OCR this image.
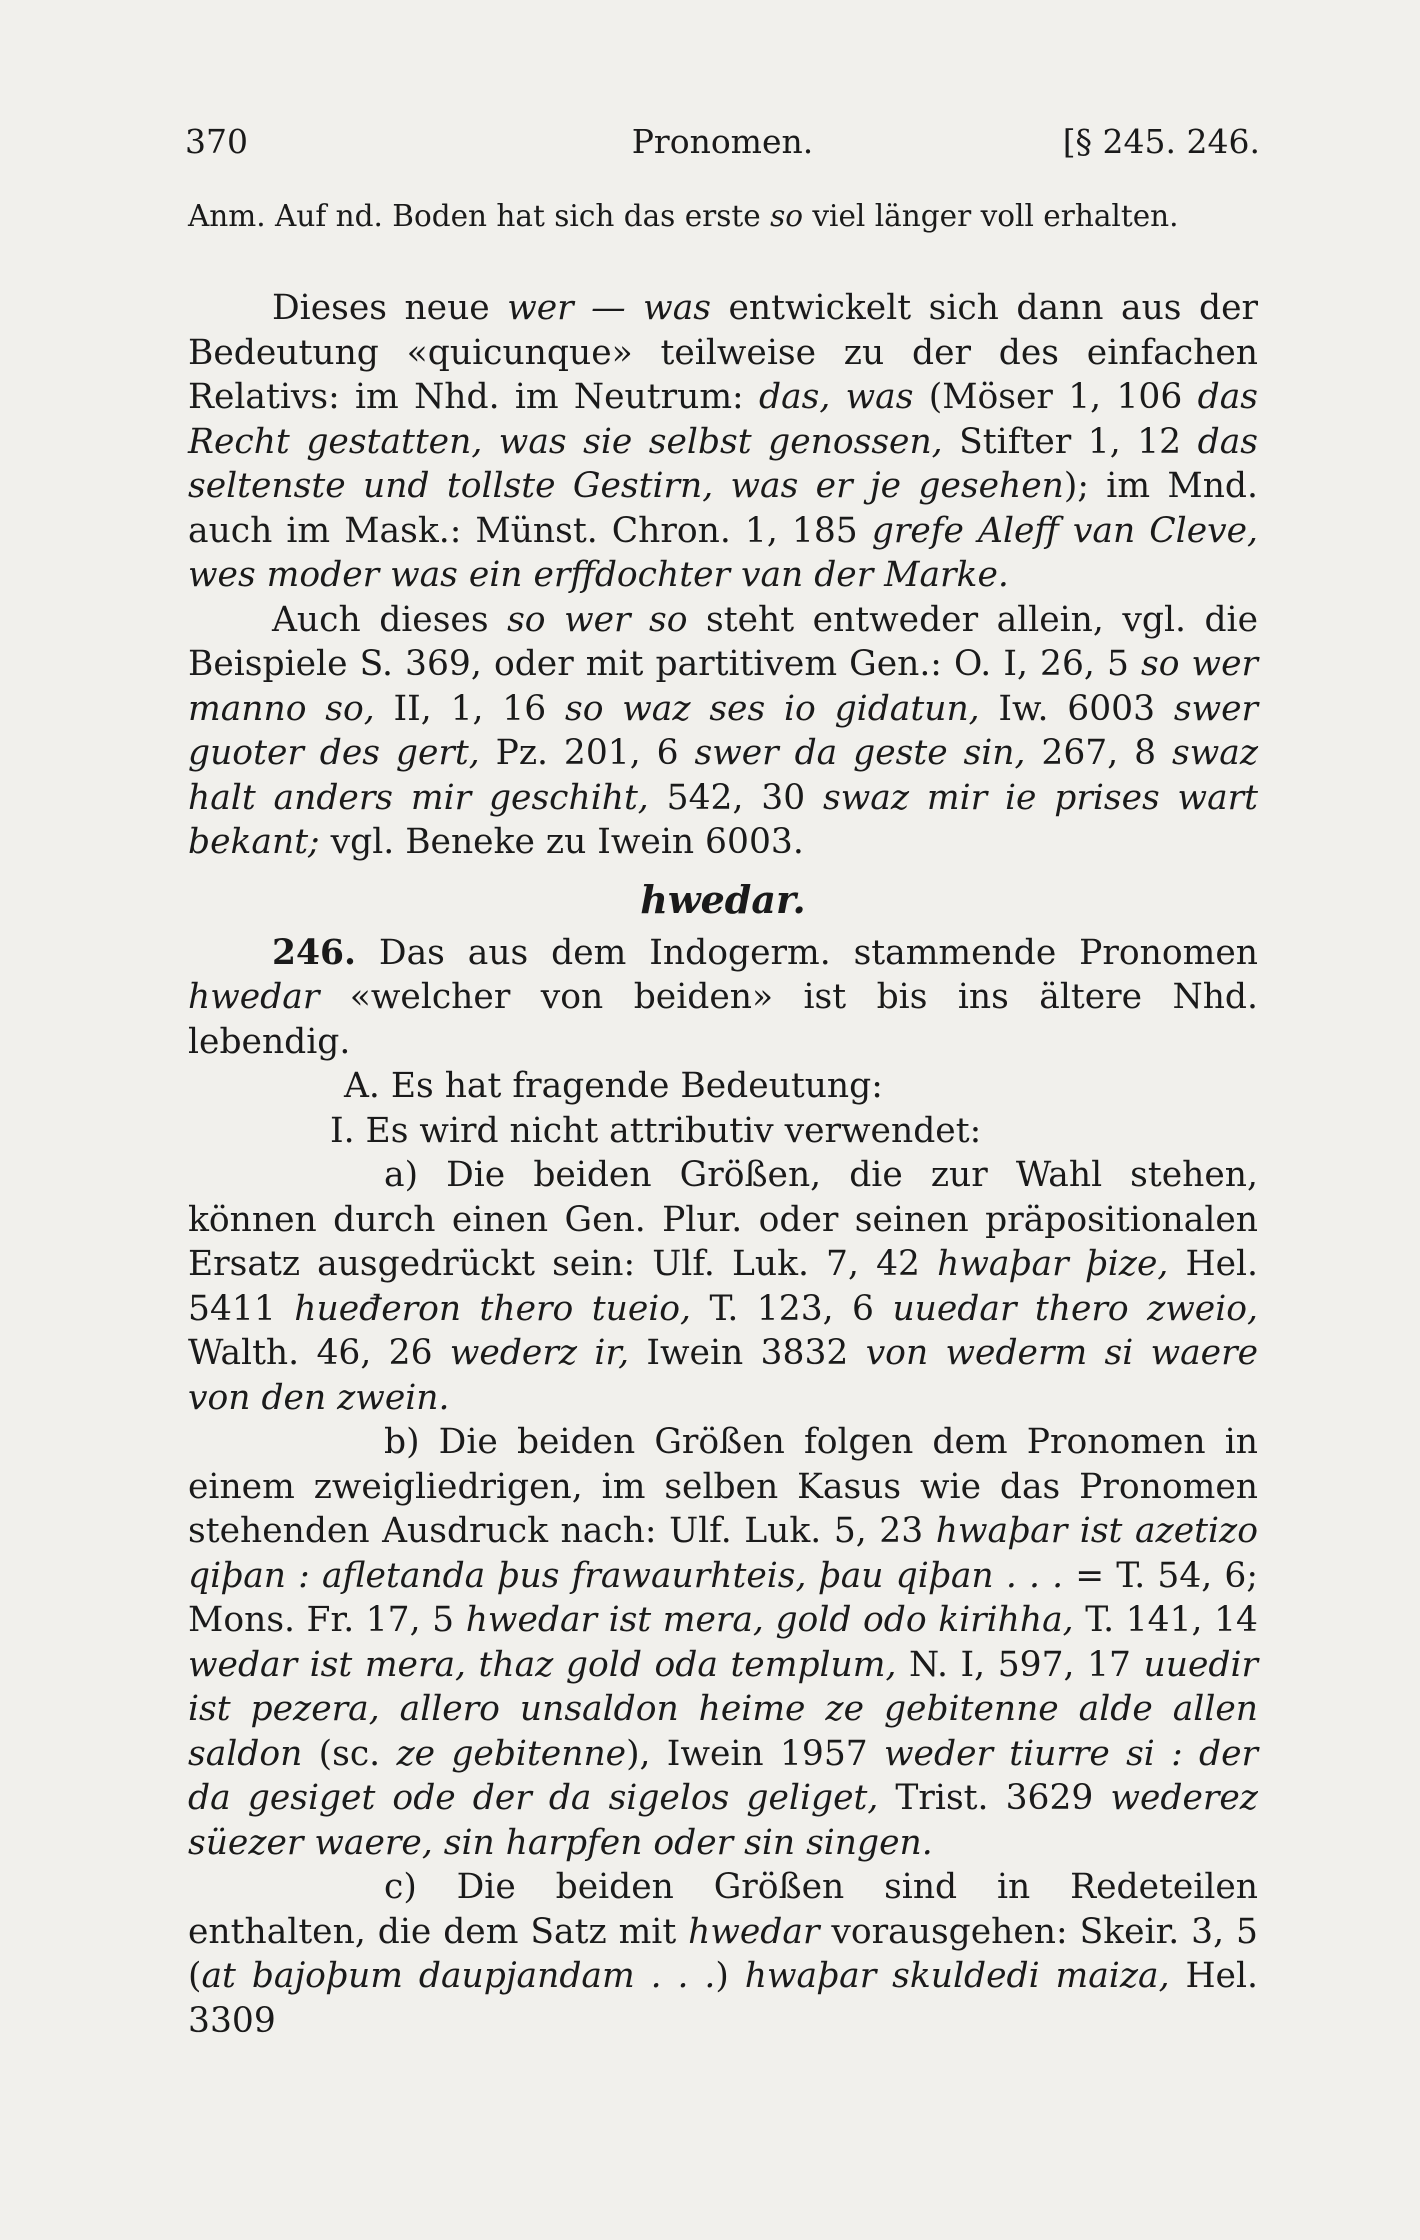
370	Pronomen.	[§ 245. 246.
Anm. Auf nd. Boden hat sich das erste so viel länger voll erhalten.

Dieses neue wer — was entwickelt sich dann aus der Bedeutung «quicunque» teilweise zu der des einfachen Relativs: im Nhd. im Neutrum: das, was (Möser 1, 106 das Recht gestatten, was sie selbst genossen, Stifter 1, 12 das seltenste und tollste Gestirn, was er je gesehen); im Mnd. auch im Mask.: Münst. Chron. 1, 185 grefe Aleff van Cleve, wes moder was ein erffdochter van der Marke.

Auch dieses so wer so steht entweder allein, vgl. die Beispiele S. 369, oder mit partitivem Gen.: O. I, 26, 5 so wer manno so, II, 1, 16 so waz ses io gidatun, Iw. 6003 swer guoter des gert, Pz. 201, 6 swer da geste sin, 267, 8 swaz halt anders mir geschiht, 542, 30 swaz mir ie prises wart bekant; vgl. Beneke zu Iwein 6003.

hwedar.

246. Das aus dem Indogerm. stammende Pronomen hwedar «welcher von beiden» ist bis ins ältere Nhd. lebendig.

A. Es hat fragende Bedeutung:

I. Es wird nicht attributiv verwendet:

a) Die beiden Größen, die zur Wahl stehen, können durch einen Gen. Plur. oder seinen präpositionalen Ersatz ausgedrückt sein: Ulf. Luk. 7, 42 hwaþar þize, Hel. 5411 hueđeron thero tueio, T. 123, 6 uuedar thero zweio, Walth. 46, 26 wederz ir, Iwein 3832 von wederm si waere von den zwein.

b) Die beiden Größen folgen dem Pronomen in einem zweigliedrigen, im selben Kasus wie das Pronomen stehenden Ausdruck nach: Ulf. Luk. 5, 23 hwaþar ist azetizo qiþan : afletanda þus frawaurhteis, þau qiþan . . . = T. 54, 6; Mons. Fr. 17, 5 hwedar ist mera, gold odo kirihha, T. 141, 14 wedar ist mera, thaz gold oda templum, N. I, 597, 17 uuedir ist pezera, allero unsaldon heime ze gebitenne alde allen saldon (sc. ze gebitenne), Iwein 1957 weder tiurre si : der da gesiget ode der da sigelos geliget, Trist. 3629 wederez süezer waere, sin harpfen oder sin singen.

c) Die beiden Größen sind in Redeteilen enthalten, die dem Satz mit hwedar vorausgehen: Skeir. 3, 5 (at bajoþum daupjandam . . .) hwaþar skuldedi maiza, Hel. 3309
